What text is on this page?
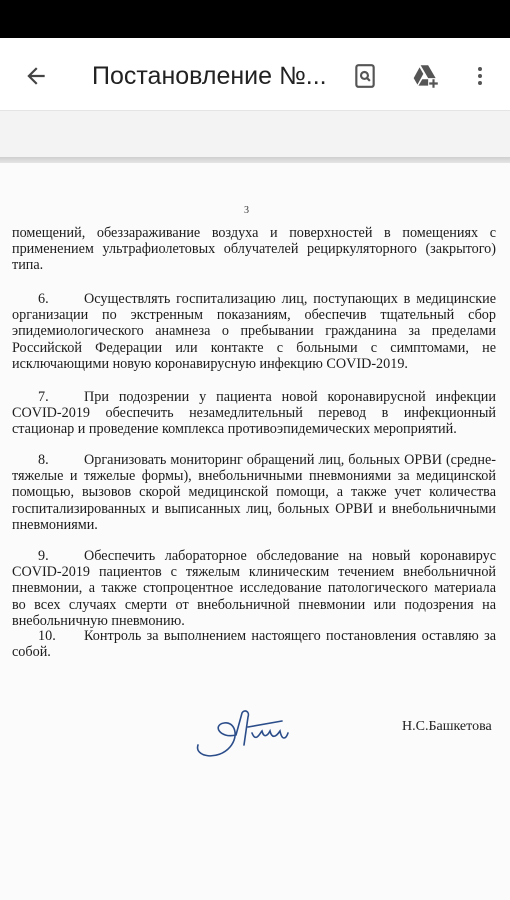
Постановление №...
3
помещений, обеззараживание воздуха и поверхностей в помещениях с применением ультрафиолетовых облучателей рециркуляторного (закрытого) типа.
6. Осуществлять госпитализацию лиц, поступающих в медицинские организации по экстренным показаниям, обеспечив тщательный сбор эпидемиологического анамнеза о пребывании гражданина за пределами Российской Федерации или контакте с больными с симптомами, не исключающими новую коронавирусную инфекцию COVID-2019.
7. При подозрении у пациента новой коронавирусной инфекции COVID-2019 обеспечить незамедлительный перевод в инфекционный стационар и проведение комплекса противоэпидемических мероприятий.
8. Организовать мониторинг обращений лиц, больных ОРВИ (средне-тяжелые и тяжелые формы), внебольничными пневмониями за медицинской помощью, вызовов скорой медицинской помощи, а также учет количества госпитализированных и выписанных лиц, больных ОРВИ и внебольничными пневмониями.
9. Обеспечить лабораторное обследование на новый коронавирус COVID-2019 пациентов с тяжелым клиническим течением внебольничной пневмонии, а также стопроцентное исследование патологического материала во всех случаях смерти от внебольничной пневмонии или подозрения на внебольничную пневмонию.
10. Контроль за выполнением настоящего постановления оставляю за собой.
Н.С.Башкетова
